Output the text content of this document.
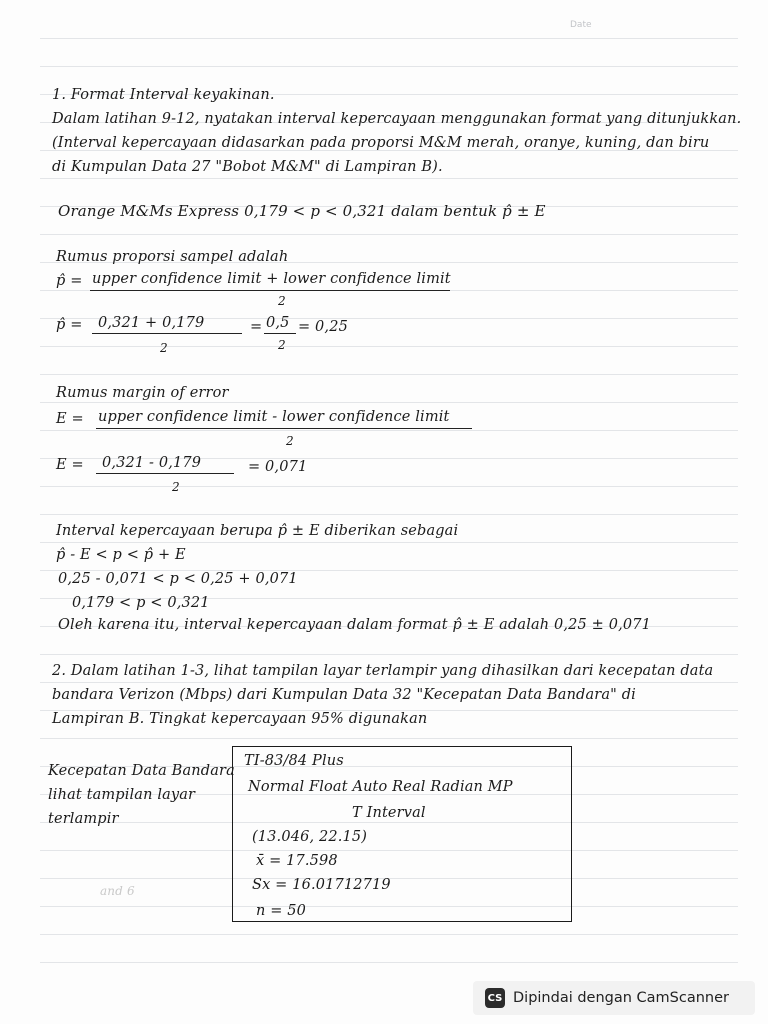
Date
1. Format Interval keyakinan.
Dalam latihan 9-12, nyatakan interval kepercayaan menggunakan format yang ditunjukkan.
(Interval kepercayaan didasarkan pada proporsi M&M merah, oranye, kuning, dan biru
di Kumpulan Data 27 "Bobot M&M" di Lampiran B).
Orange M&Ms Express 0,179 < p < 0,321 dalam bentuk p̂ ± E
Rumus proporsi sampel adalah
p̂ = upper confidence limit + lower confidence limit
2
p̂ = 0,321 + 0,179
2
= 0,5
2
= 0,25
Rumus margin of error
E = upper confidence limit - lower confidence limit
2
E = 0,321 - 0,179
2
= 0,071
Interval kepercayaan berupa p̂ ± E diberikan sebagai
p̂ - E < p < p̂ + E
0,25 - 0,071 < p < 0,25 + 0,071
0,179 < p < 0,321
Oleh karena itu, interval kepercayaan dalam format p̂ ± E adalah 0,25 ± 0,071
2. Dalam latihan 1-3, lihat tampilan layar terlampir yang dihasilkan dari kecepatan data
bandara Verizon (Mbps) dari Kumpulan Data 32 "Kecepatan Data Bandara" di
Lampiran B. Tingkat kepercayaan 95% digunakan
Kecepatan Data Bandara
lihat tampilan layar
terlampir
and 6
TI-83/84 Plus
Normal Float Auto Real Radian MP
T Interval
(13.046, 22.15)
x̄ = 17.598
Sx = 16.01712719
n = 50
CS Dipindai dengan CamScanner
